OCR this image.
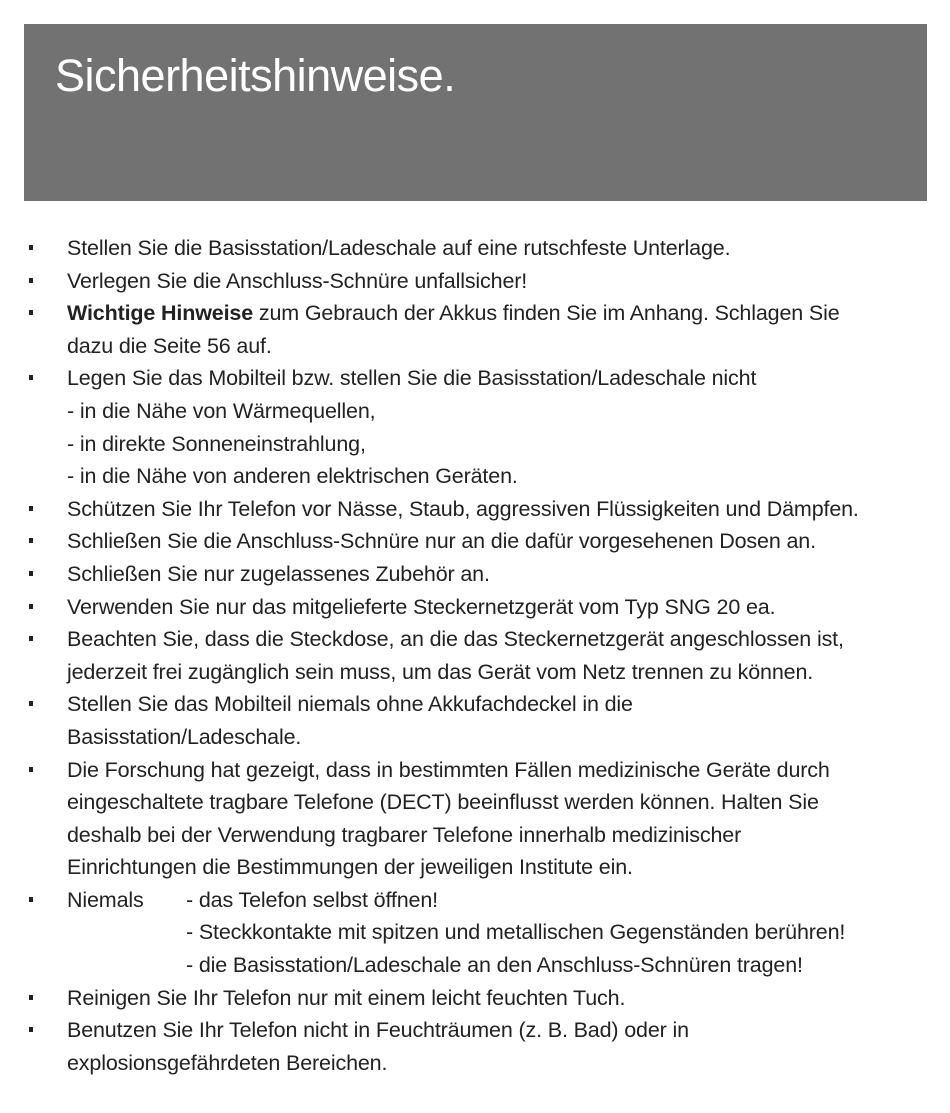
Sicherheitshinweise.
Stellen Sie die Basisstation/Ladeschale auf eine rutschfeste Unterlage.
Verlegen Sie die Anschluss-Schnüre unfallsicher!
Wichtige Hinweise zum Gebrauch der Akkus finden Sie im Anhang. Schlagen Sie
dazu die Seite 56 auf.
Legen Sie das Mobilteil bzw. stellen Sie die Basisstation/Ladeschale nicht
- in die Nähe von Wärmequellen,
- in direkte Sonneneinstrahlung,
- in die Nähe von anderen elektrischen Geräten.
Schützen Sie Ihr Telefon vor Nässe, Staub, aggressiven Flüssigkeiten und Dämpfen.
Schließen Sie die Anschluss-Schnüre nur an die dafür vorgesehenen Dosen an.
Schließen Sie nur zugelassenes Zubehör an.
Verwenden Sie nur das mitgelieferte Steckernetzgerät vom Typ SNG 20 ea.
Beachten Sie, dass die Steckdose, an die das Steckernetzgerät angeschlossen ist,
jederzeit frei zugänglich sein muss, um das Gerät vom Netz trennen zu können.
Stellen Sie das Mobilteil niemals ohne Akkufachdeckel in die
Basisstation/Ladeschale.
Die Forschung hat gezeigt, dass in bestimmten Fällen medizinische Geräte durch
eingeschaltete tragbare Telefone (DECT) beeinflusst werden können. Halten Sie
deshalb bei der Verwendung tragbarer Telefone innerhalb medizinischer
Einrichtungen die Bestimmungen der jeweiligen Institute ein.
Niemals	- das Telefon selbst öffnen!
- Steckkontakte mit spitzen und metallischen Gegenständen berühren!
- die Basisstation/Ladeschale an den Anschluss-Schnüren tragen!
Reinigen Sie Ihr Telefon nur mit einem leicht feuchten Tuch.
Benutzen Sie Ihr Telefon nicht in Feuchträumen (z. B. Bad) oder in
explosionsgefährdeten Bereichen.
